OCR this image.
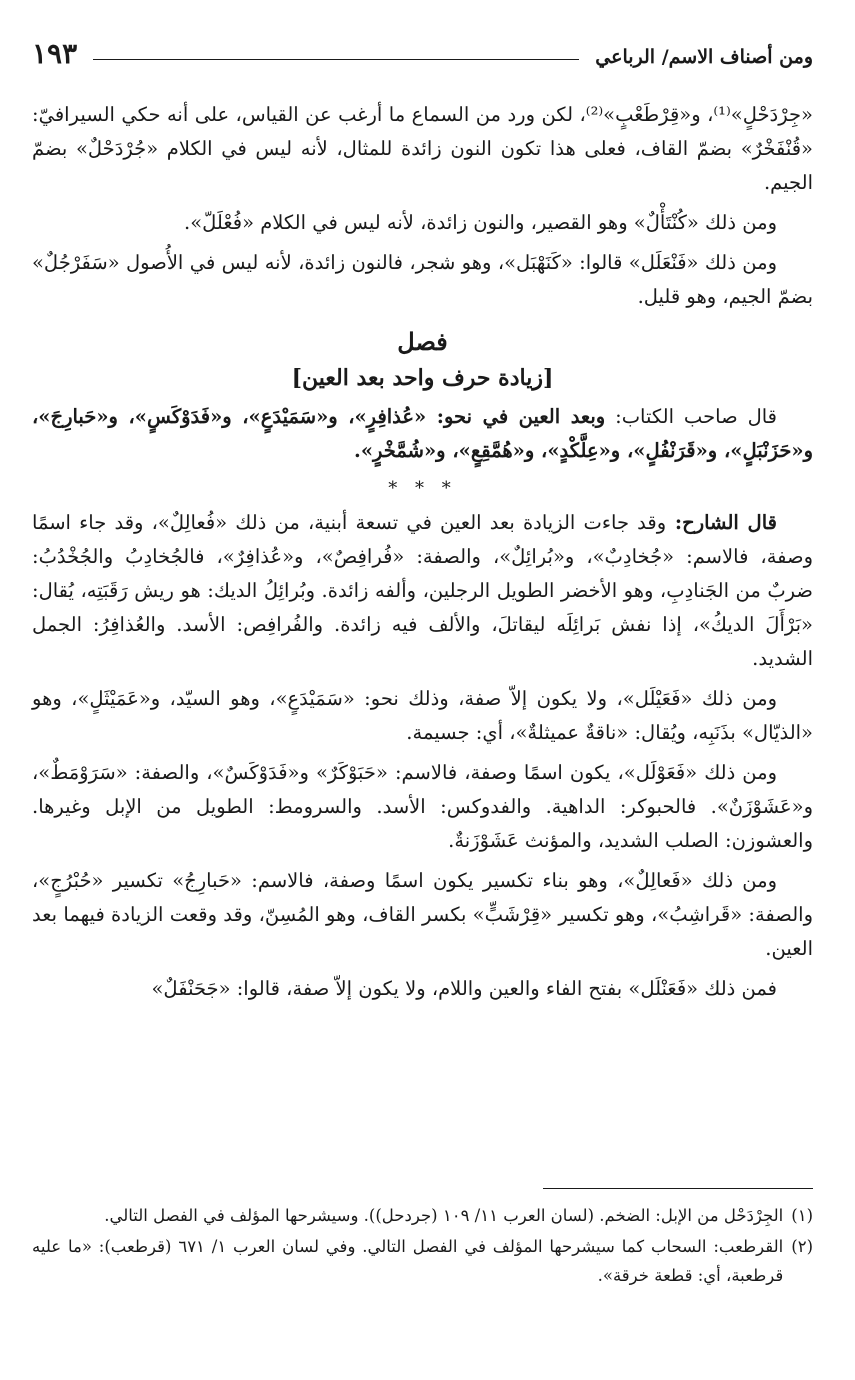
ومن أصناف الاسم/ الرباعي
١٩٣

«جِرْدَحْلٍ»⁽¹⁾، و«قِرْطَعْبٍ»⁽²⁾، لكن ورد من السماع ما أرغب عن القياس، على أنه حكي السيرافيّ: «قُنْفَخْرٌ» بضمّ القاف، فعلى هذا تكون النون زائدة للمثال، لأنه ليس في الكلام «جُرْدَحْلٌ» بضمّ الجيم.

ومن ذلك «كُنْتَأْلٌ» وهو القصير، والنون زائدة، لأنه ليس في الكلام «فُعْلَلّ».

ومن ذلك «فَنْعَلَل» قالوا: «كَنَهْبَل»، وهو شجر، فالنون زائدة، لأنه ليس في الأُصول «سَفَرْجُلٌ» بضمّ الجيم، وهو قليل.

فصل
[زيادة حرف واحد بعد العين]

قال صاحب الكتاب: وبعد العين في نحو: «عُذافِرٍ»، و«سَمَيْدَعٍ»، و«فَدَوْكَسٍ»، و«حَبارِجَ»، و«حَزَنْبَلٍ»، و«قَرَنْفُلٍ»، و«عِلَّكْدٍ»، و«هُمَّقِعٍ»، و«شُمَّخْرٍ».

* * *

قال الشارح: وقد جاءت الزيادة بعد العين في تسعة أبنية، من ذلك «فُعالِلٌ»، وقد جاء اسمًا وصفة، فالاسم: «جُخادِبٌ»، و«بُرائِلٌ»، والصفة: «فُرافِصٌ»، و«عُذافِرٌ»، فالجُخادِبُ والجُخْدُبُ: ضربٌ من الجَنادِبِ، وهو الأخضر الطويل الرجلين، وألفه زائدة. وبُرائِلُ الديك: هو ريش رَقَبَتِه، يُقال: «بَرْأَلَ الديكُ»، إذا نفش بَرائِلَه ليقاتلَ، والألف فيه زائدة. والفُرافِص: الأسد. والعُذافِرُ: الجمل الشديد.

ومن ذلك «فَعَيْلَل»، ولا يكون إلاّ صفة، وذلك نحو: «سَمَيْدَعٍ»، وهو السيّد، و«عَمَيْثَلٍ»، وهو «الذيّال» بذَنَبِه، ويُقال: «ناقةٌ عميثلةٌ»، أي: جسيمة.

ومن ذلك «فَعَوْلَل»، يكون اسمًا وصفة، فالاسم: «حَبَوْكَرٌ» و«فَدَوْكَسٌ»، والصفة: «سَرَوْمَطٌ»، و«عَشَوْزَنٌ». فالحبوكر: الداهية. والفدوكس: الأسد. والسرومط: الطويل من الإبل وغيرها. والعشوزن: الصلب الشديد، والمؤنث عَشَوْزَنةٌ.

ومن ذلك «فَعالِلٌ»، وهو بناء تكسير يكون اسمًا وصفة، فالاسم: «حَبارِجُ» تكسير «حُبْرُجٍ»، والصفة: «قَراشِبُ»، وهو تكسير «قِرْشَبٍّ» بكسر القاف، وهو المُسِنّ، وقد وقعت الزيادة فيهما بعد العين.

فمن ذلك «فَعَنْلَل» بفتح الفاء والعين واللام، ولا يكون إلاّ صفة، قالوا: «جَحَنْفَلٌ»

(١)
الجِرْدَحْل من الإبل: الضخم. (لسان العرب ١١/ ١٠٩ (جردحل)). وسيشرحها المؤلف في الفصل التالي.
(٢)
القرطعب: السحاب كما سيشرحها المؤلف في الفصل التالي. وفي لسان العرب ١/ ٦٧١ (قرطعب): «ما عليه قرطعبة، أي: قطعة خرقة».
